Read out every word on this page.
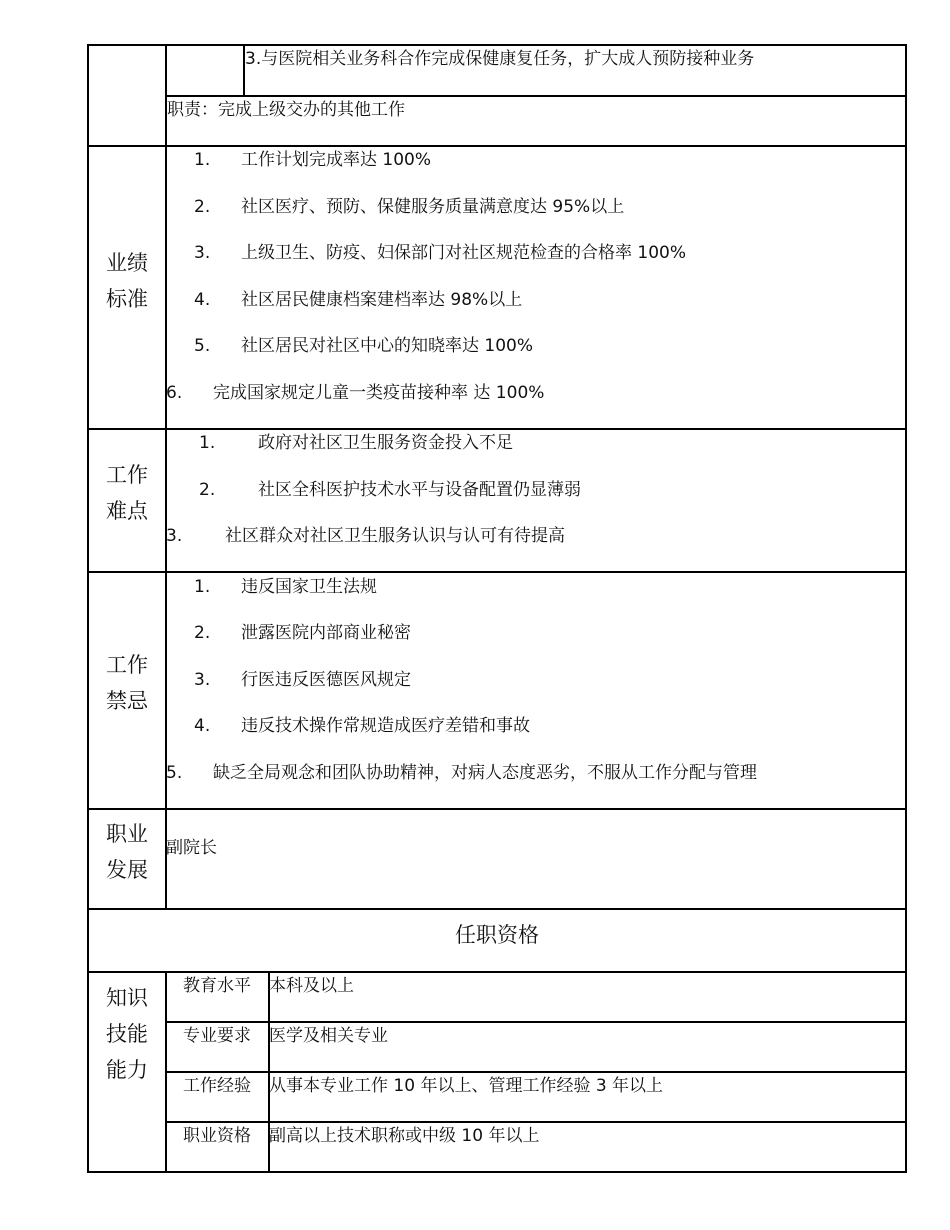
3.与医院相关业务科合作完成保健康复任务，扩大成人预防接种业务
职责：完成上级交办的其他工作
业绩
标准
1. 工作计划完成率达 100%
2. 社区医疗、预防、保健服务质量满意度达 95%以上
3. 上级卫生、防疫、妇保部门对社区规范检查的合格率 100%
4. 社区居民健康档案建档率达 98%以上
5. 社区居民对社区中心的知晓率达 100%
6. 完成国家规定儿童一类疫苗接种率 达 100%
工作
难点
1.	政府对社区卫生服务资金投入不足
2.	社区全科医护技术水平与设备配置仍显薄弱
3.	社区群众对社区卫生服务认识与认可有待提高
工作
禁忌
1. 违反国家卫生法规
2. 泄露医院内部商业秘密
3. 行医违反医德医风规定
4. 违反技术操作常规造成医疗差错和事故
5. 缺乏全局观念和团队协助精神，对病人态度恶劣，不服从工作分配与管理
职业
发展
副院长
任职资格
知识
技能
能力
教育水平	本科及以上
专业要求	医学及相关专业
工作经验	从事本专业工作 10 年以上、管理工作经验 3 年以上
职业资格	副高以上技术职称或中级 10 年以上
